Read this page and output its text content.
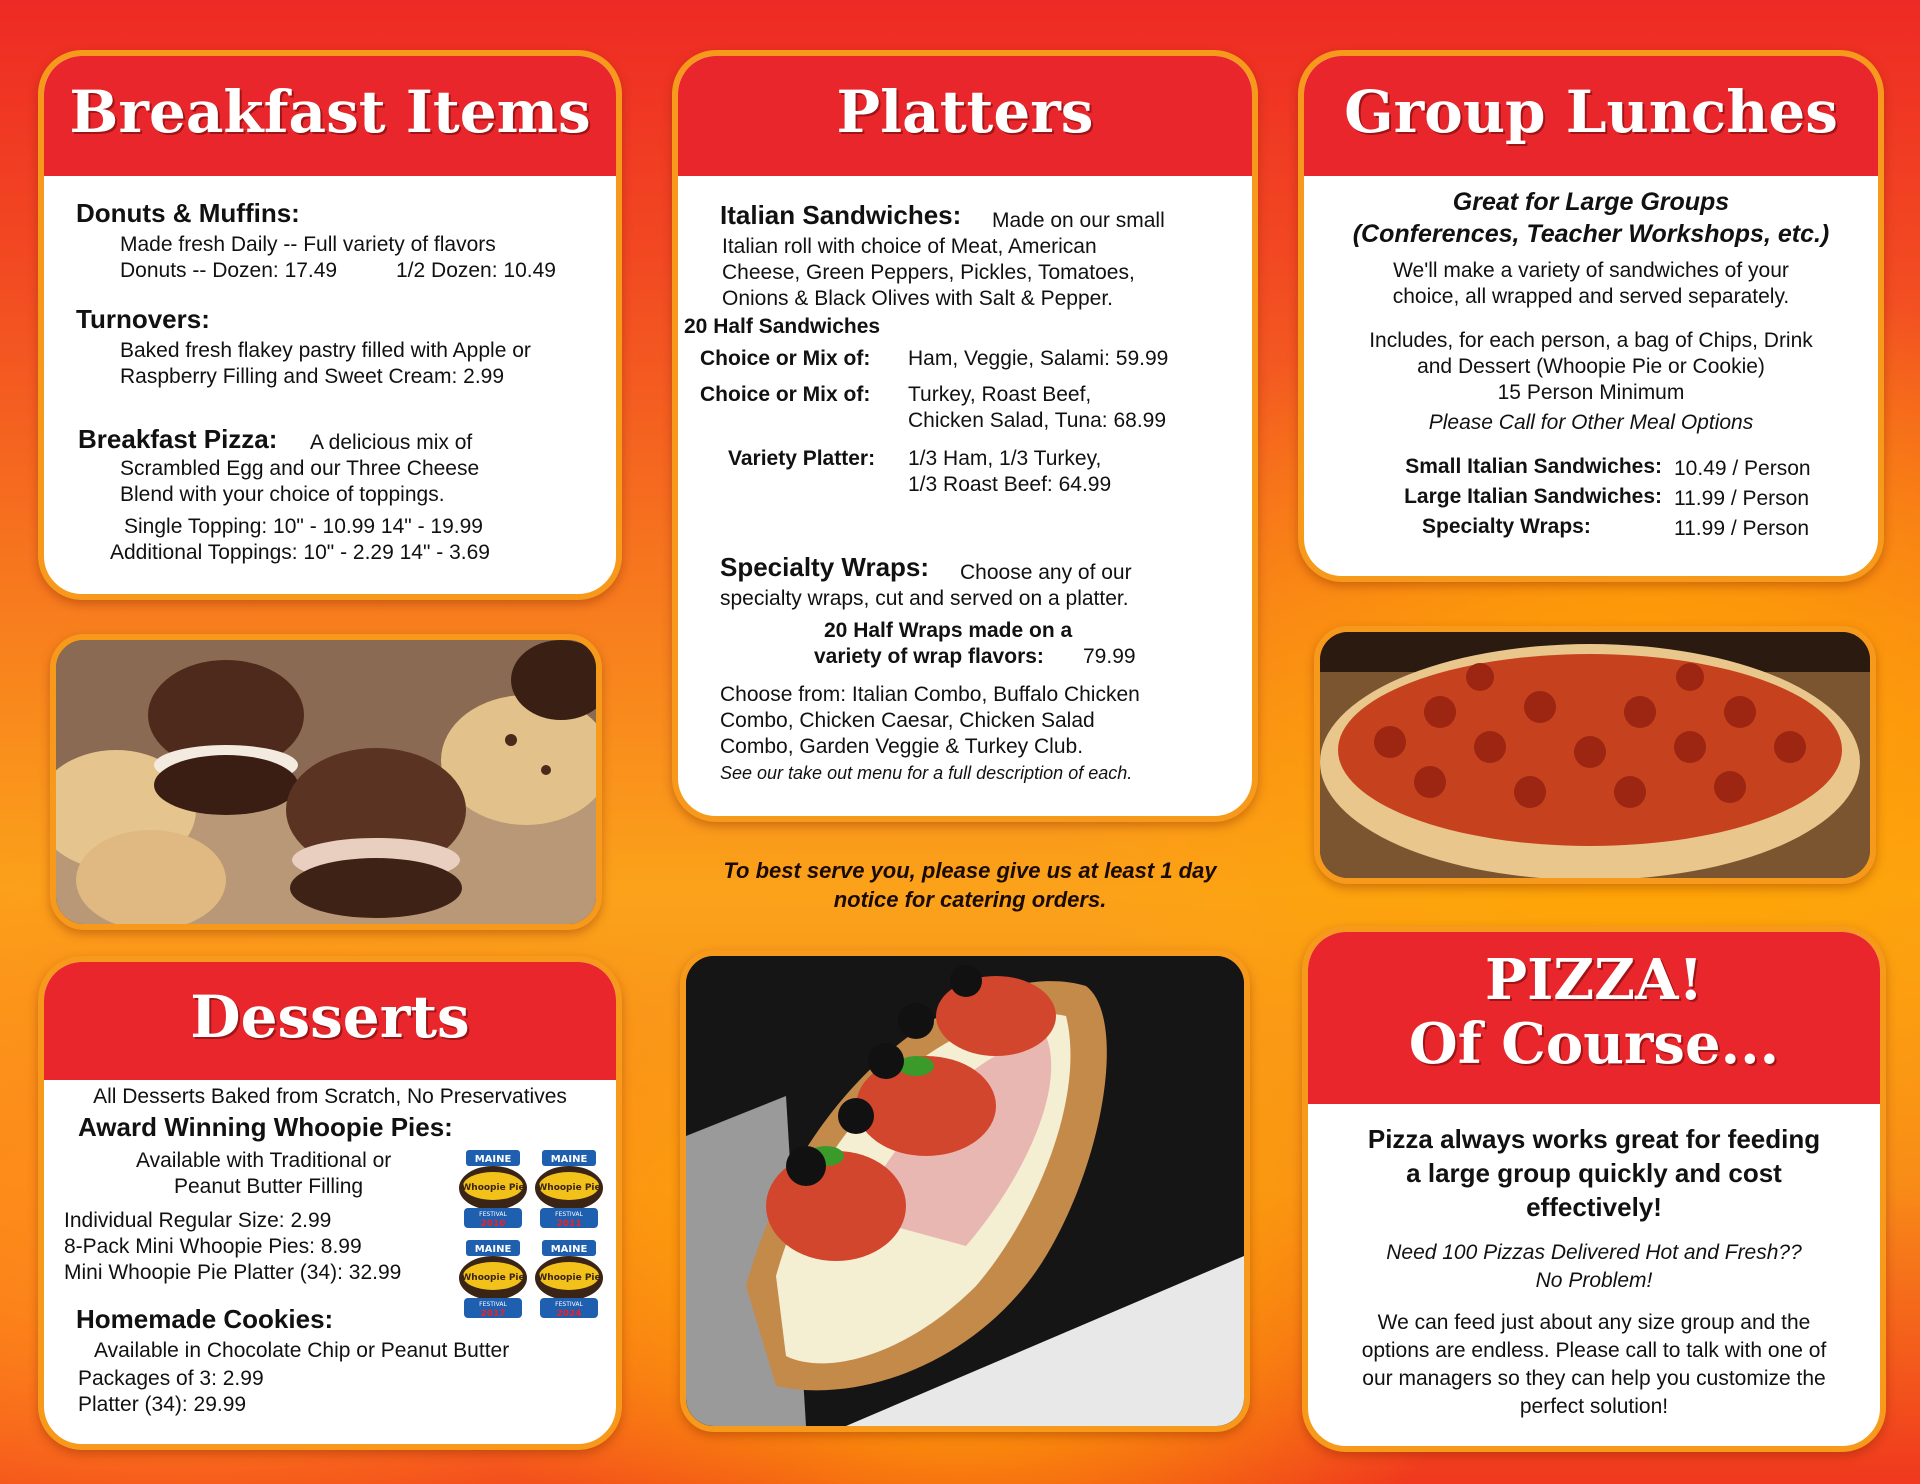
Breakfast Items
Donuts & Muffins:
Made fresh Daily -- Full variety of flavors
Donuts -- Dozen: 17.49	1/2 Dozen: 10.49
Turnovers:
Baked fresh flakey pastry filled with Apple or
Raspberry Filling and Sweet Cream: 2.99
Breakfast Pizza: A delicious mix of
Scrambled Egg and our Three Cheese
Blend with your choice of toppings.
Single Topping: 10" - 10.99 14" - 19.99
Additional Toppings: 10" - 2.29 14" - 3.69
Platters
Italian Sandwiches: Made on our small
Italian roll with choice of Meat, American
Cheese, Green Peppers, Pickles, Tomatoes,
Onions & Black Olives with Salt & Pepper.
20 Half Sandwiches
Choice or Mix of: Ham, Veggie, Salami: 59.99
Choice or Mix of: Turkey, Roast Beef,
Chicken Salad, Tuna: 68.99
Variety Platter: 1/3 Ham, 1/3 Turkey,
1/3 Roast Beef: 64.99
Specialty Wraps: Choose any of our
specialty wraps, cut and served on a platter.
20 Half Wraps made on a
variety of wrap flavors: 79.99
Choose from: Italian Combo, Buffalo Chicken
Combo, Chicken Caesar, Chicken Salad
Combo, Garden Veggie & Turkey Club.
See our take out menu for a full description of each.
Group Lunches
Great for Large Groups
(Conferences, Teacher Workshops, etc.)
We'll make a variety of sandwiches of your
choice, all wrapped and served separately.
Includes, for each person, a bag of Chips, Drink
and Dessert (Whoopie Pie or Cookie)
15 Person Minimum
Please Call for Other Meal Options
Small Italian Sandwiches: 10.49 / Person
Large Italian Sandwiches: 11.99 / Person
Specialty Wraps:	11.99 / Person
To best serve you, please give us at least 1 day
notice for catering orders.
Desserts
All Desserts Baked from Scratch, No Preservatives
Award Winning Whoopie Pies:
Available with Traditional or
Peanut Butter Filling
Individual Regular Size: 2.99
8-Pack Mini Whoopie Pies: 8.99
Mini Whoopie Pie Platter (34): 32.99
MAINE
Whoopie Pie
FESTIVAL
2010
MAINE
Whoopie Pie
FESTIVAL
2011
MAINE
Whoopie Pie
FESTIVAL
2017
MAINE
Whoopie Pie
FESTIVAL
2024
Homemade Cookies:
Available in Chocolate Chip or Peanut Butter
Packages of 3: 2.99
Platter (34): 29.99
PIZZA!
Of Course...
Pizza always works great for feeding
a large group quickly and cost
effectively!
Need 100 Pizzas Delivered Hot and Fresh??
No Problem!
We can feed just about any size group and the
options are endless. Please call to talk with one of
our managers so they can help you customize the
perfect solution!
